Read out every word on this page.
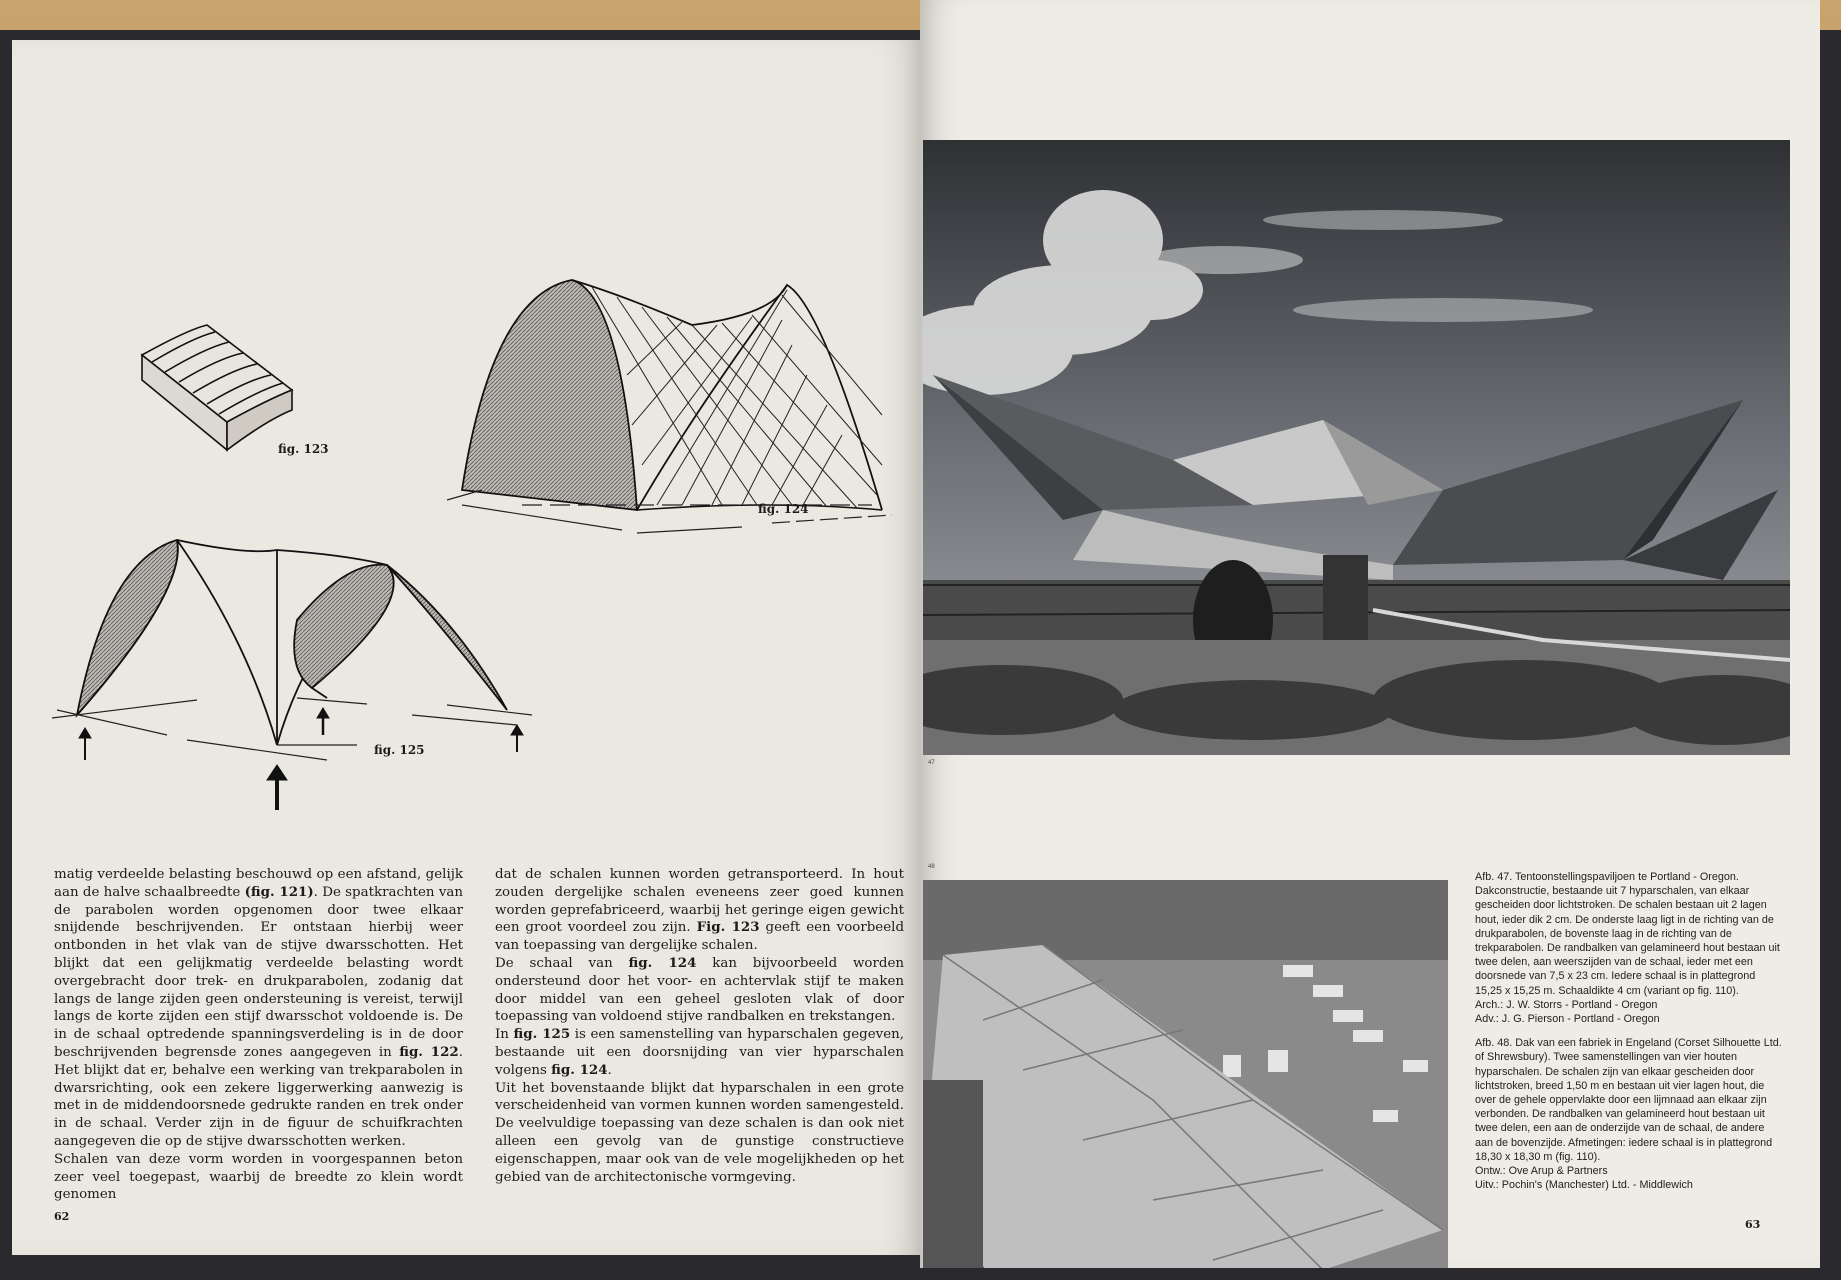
fig. 123
fig. 124
fig. 125

matig verdeelde belasting beschouwd op een afstand, gelijk aan de halve schaalbreedte (fig. 121). De spatkrachten van de parabolen worden opgenomen door twee elkaar snijdende beschrijvenden. Er ontstaan hierbij weer ontbonden in het vlak van de stijve dwarsschotten. Het blijkt dat een gelijkmatig verdeelde belasting wordt overgebracht door trek- en drukparabolen, zodanig dat langs de lange zijden geen ondersteuning is vereist, terwijl langs de korte zijden een stijf dwarsschot voldoende is. De in de schaal optredende spanningsverdeling is in de door beschrijvenden begrensde zones aangegeven in fig. 122. Het blijkt dat er, behalve een werking van trekparabolen in dwarsrichting, ook een zekere liggerwerking aanwezig is met in de middendoorsnede gedrukte randen en trek onder in de schaal. Verder zijn in de figuur de schuifkrachten aangegeven die op de stijve dwarsschotten werken.

Schalen van deze vorm worden in voorgespannen beton zeer veel toegepast, waarbij de breedte zo klein wordt genomen

dat de schalen kunnen worden getransporteerd. In hout zouden dergelijke schalen eveneens zeer goed kunnen worden geprefabriceerd, waarbij het geringe eigen gewicht een groot voordeel zou zijn. Fig. 123 geeft een voorbeeld van toepassing van dergelijke schalen.

De schaal van fig. 124 kan bijvoorbeeld worden ondersteund door het voor- en achtervlak stijf te maken door middel van een geheel gesloten vlak of door toepassing van voldoend stijve randbalken en trekstangen.

In fig. 125 is een samenstelling van hyparschalen gegeven, bestaande uit een doorsnijding van vier hyparschalen volgens fig. 124.

Uit het bovenstaande blijkt dat hyparschalen in een grote verscheidenheid van vormen kunnen worden samengesteld. De veelvuldige toepassing van deze schalen is dan ook niet alleen een gevolg van de gunstige constructieve eigenschappen, maar ook van de vele mogelijkheden op het gebied van de architectonische vormgeving.

62
47
48

Afb. 47. Tentoonstellingspaviljoen te Portland - Oregon. Dakconstructie, bestaande uit 7 hyparschalen, van elkaar gescheiden door lichtstroken. De schalen bestaan uit 2 lagen hout, ieder dik 2 cm. De onderste laag ligt in de richting van de drukparabolen, de bovenste laag in de richting van de trekparabolen. De randbalken van gelamineerd hout bestaan uit twee delen, aan weerszijden van de schaal, ieder met een doorsnede van 7,5 x 23 cm. Iedere schaal is in plattegrond 15,25 x 15,25 m. Schaaldikte 4 cm (variant op fig. 110).
Arch.: J. W. Storrs - Portland - Oregon
Adv.: J. G. Pierson - Portland - Oregon

Afb. 48. Dak van een fabriek in Engeland (Corset Silhouette Ltd. of Shrewsbury). Twee samenstellingen van vier houten hyparschalen. De schalen zijn van elkaar gescheiden door lichtstroken, breed 1,50 m en bestaan uit vier lagen hout, die over de gehele oppervlakte door een lijmnaad aan elkaar zijn verbonden. De randbalken van gelamineerd hout bestaan uit twee delen, een aan de onderzijde van de schaal, de andere aan de bovenzijde. Afmetingen: iedere schaal is in plattegrond 18,30 x 18,30 m (fig. 110).
Ontw.: Ove Arup & Partners
Uitv.: Pochin's (Manchester) Ltd. - Middlewich

63
